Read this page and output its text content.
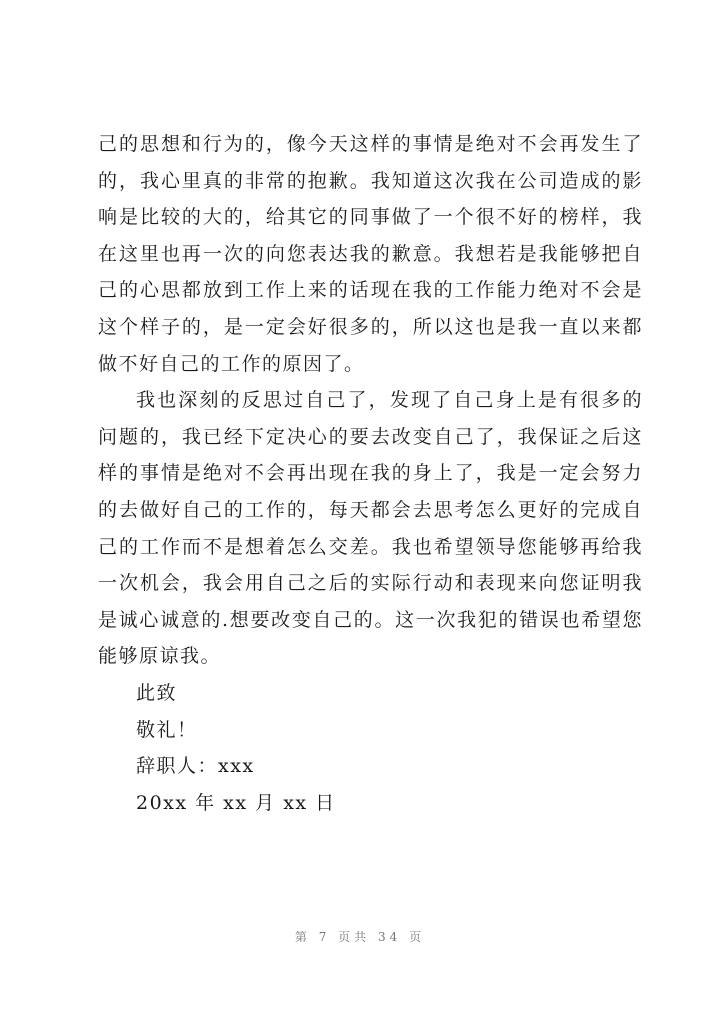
己的思想和行为的，像今天这样的事情是绝对不会再发生了的，我心里真的非常的抱歉。我知道这次我在公司造成的影响是比较的大的，给其它的同事做了一个很不好的榜样，我在这里也再一次的向您表达我的歉意。我想若是我能够把自己的心思都放到工作上来的话现在我的工作能力绝对不会是这个样子的，是一定会好很多的，所以这也是我一直以来都做不好自己的工作的原因了。

我也深刻的反思过自己了，发现了自己身上是有很多的问题的，我已经下定决心的要去改变自己了，我保证之后这样的事情是绝对不会再出现在我的身上了，我是一定会努力的去做好自己的工作的，每天都会去思考怎么更好的完成自己的工作而不是想着怎么交差。我也希望领导您能够再给我一次机会，我会用自己之后的实际行动和表现来向您证明我是诚心诚意的.想要改变自己的。这一次我犯的错误也希望您能够原谅我。

此致

敬礼！

辞职人：xxx

20xx 年 xx 月 xx 日

第 7 页共 34 页
